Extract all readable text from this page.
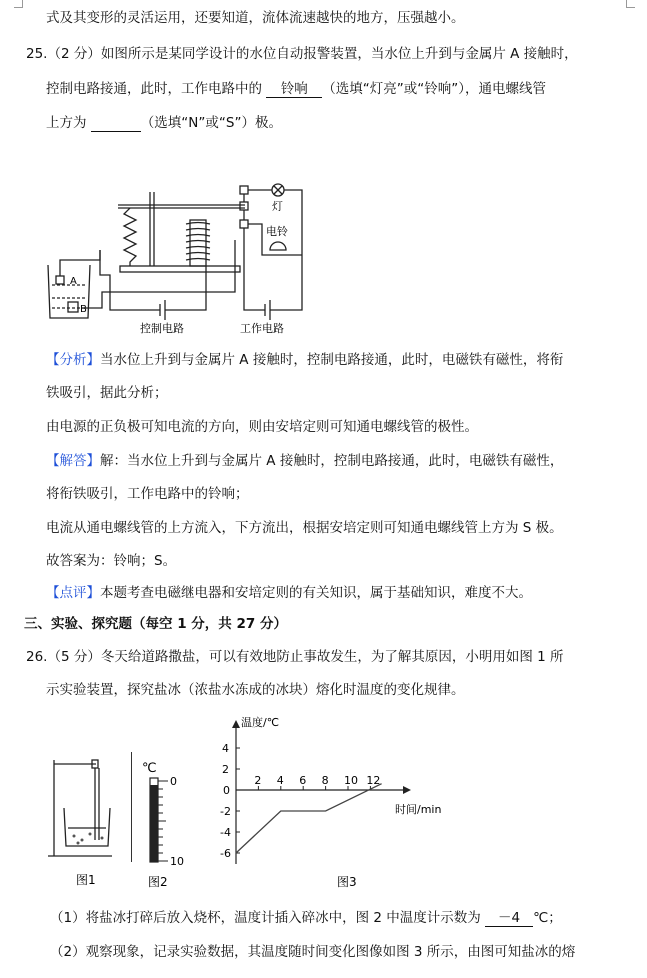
式及其变形的灵活运用，还要知道，流体流速越快的地方，压强越小。
25.（2 分）如图所示是某同学设计的水位自动报警装置，当水位上升到与金属片 A 接触时，
控制电路接通，此时，工作电路中的 铃响 （选填“灯亮”或“铃响”），通电螺线管
上方为	（选填“N”或“S”）极。
A
B
灯
电铃
控制电路	工作电路
【分析】当水位上升到与金属片 A 接触时，控制电路接通，此时，电磁铁有磁性，将衔
铁吸引，据此分析；
由电源的正负极可知电流的方向，则由安培定则可知通电螺线管的极性。
【解答】解：当水位上升到与金属片 A 接触时，控制电路接通，此时，电磁铁有磁性，
将衔铁吸引，工作电路中的铃响；
电流从通电螺线管的上方流入，下方流出，根据安培定则可知通电螺线管上方为 S 极。
故答案为：铃响；S。
【点评】本题考查电磁继电器和安培定则的有关知识，属于基础知识，难度不大。
三、实验、探究题（每空 1 分，共 27 分）
26.（5 分）冬天给道路撒盐，可以有效地防止事故发生，为了解其原因，小明用如图 1 所
示实验装置，探究盐冰（浓盐水冻成的冰块）熔化时温度的变化规律。
图1
℃
0
10
图2
温度/℃
时间/min
图3
2 4 6 8 10 12
4
2
0
-2
-4
-6
（1）将盐冰打碎后放入烧杯，温度计插入碎冰中，图 2 中温度计示数为 －4 ℃；
（2）观察现象，记录实验数据，其温度随时间变化图像如图 3 所示，由图可知盐冰的熔
